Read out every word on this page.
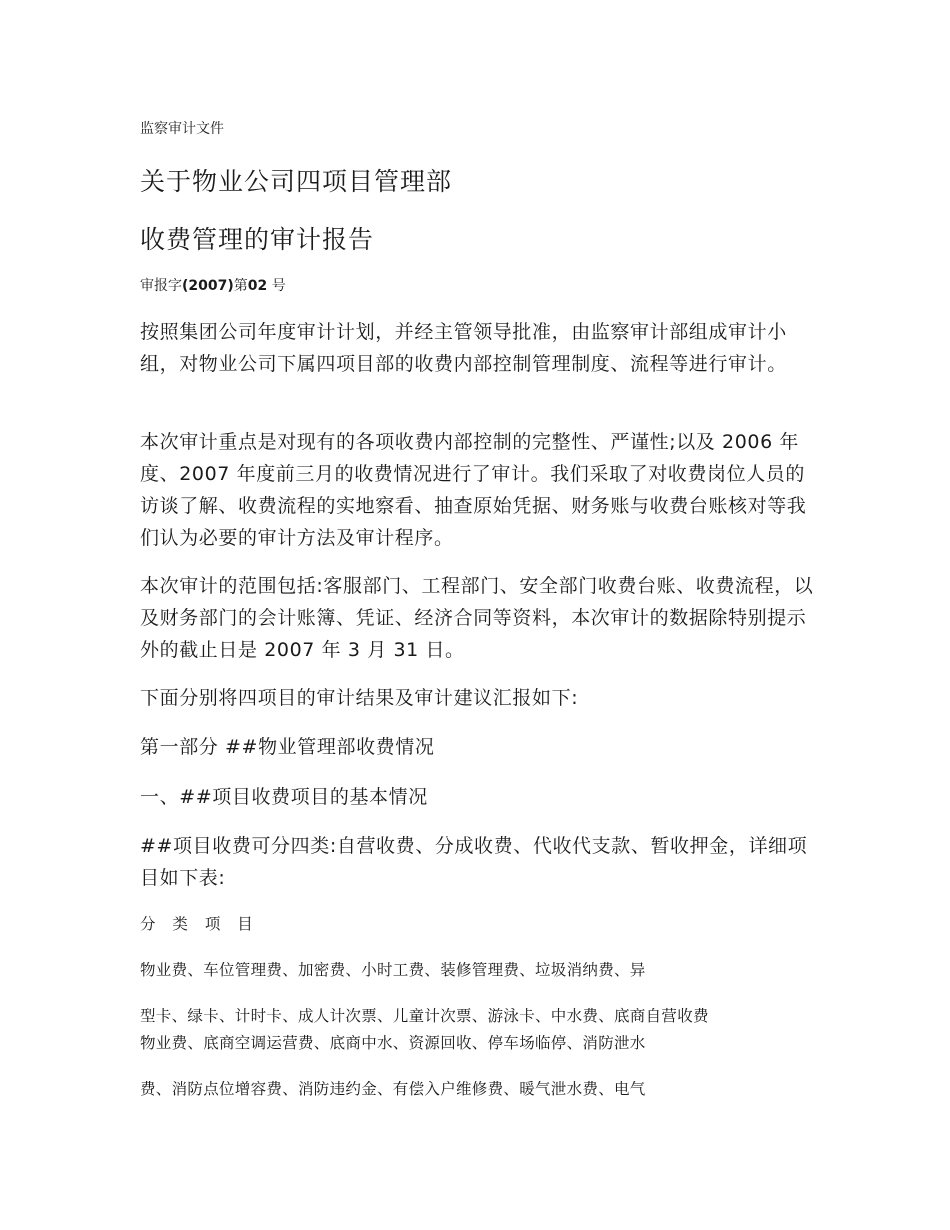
监察审计文件
关于物业公司四项目管理部
收费管理的审计报告
审报字(2007)第02 号
按照集团公司年度审计计划，并经主管领导批准，由监察审计部组成审计小组，对物业公司下属四项目部的收费内部控制管理制度、流程等进行审计。
本次审计重点是对现有的各项收费内部控制的完整性、严谨性;以及 2006 年度、2007 年度前三月的收费情况进行了审计。我们采取了对收费岗位人员的访谈了解、收费流程的实地察看、抽查原始凭据、财务账与收费台账核对等我们认为必要的审计方法及审计程序。
本次审计的范围包括:客服部门、工程部门、安全部门收费台账、收费流程，以及财务部门的会计账簿、凭证、经济合同等资料，本次审计的数据除特别提示外的截止日是 2007 年 3 月 31 日。
下面分别将四项目的审计结果及审计建议汇报如下:
第一部分 ##物业管理部收费情况
一、##项目收费项目的基本情况
##项目收费可分四类:自营收费、分成收费、代收代支款、暂收押金，详细项目如下表:
分 类 项 目
物业费、车位管理费、加密费、小时工费、装修管理费、垃圾消纳费、异
型卡、绿卡、计时卡、成人计次票、儿童计次票、游泳卡、中水费、底商自营收费
物业费、底商空调运营费、底商中水、资源回收、停车场临停、消防泄水
费、消防点位增容费、消防违约金、有偿入户维修费、暖气泄水费、电气
